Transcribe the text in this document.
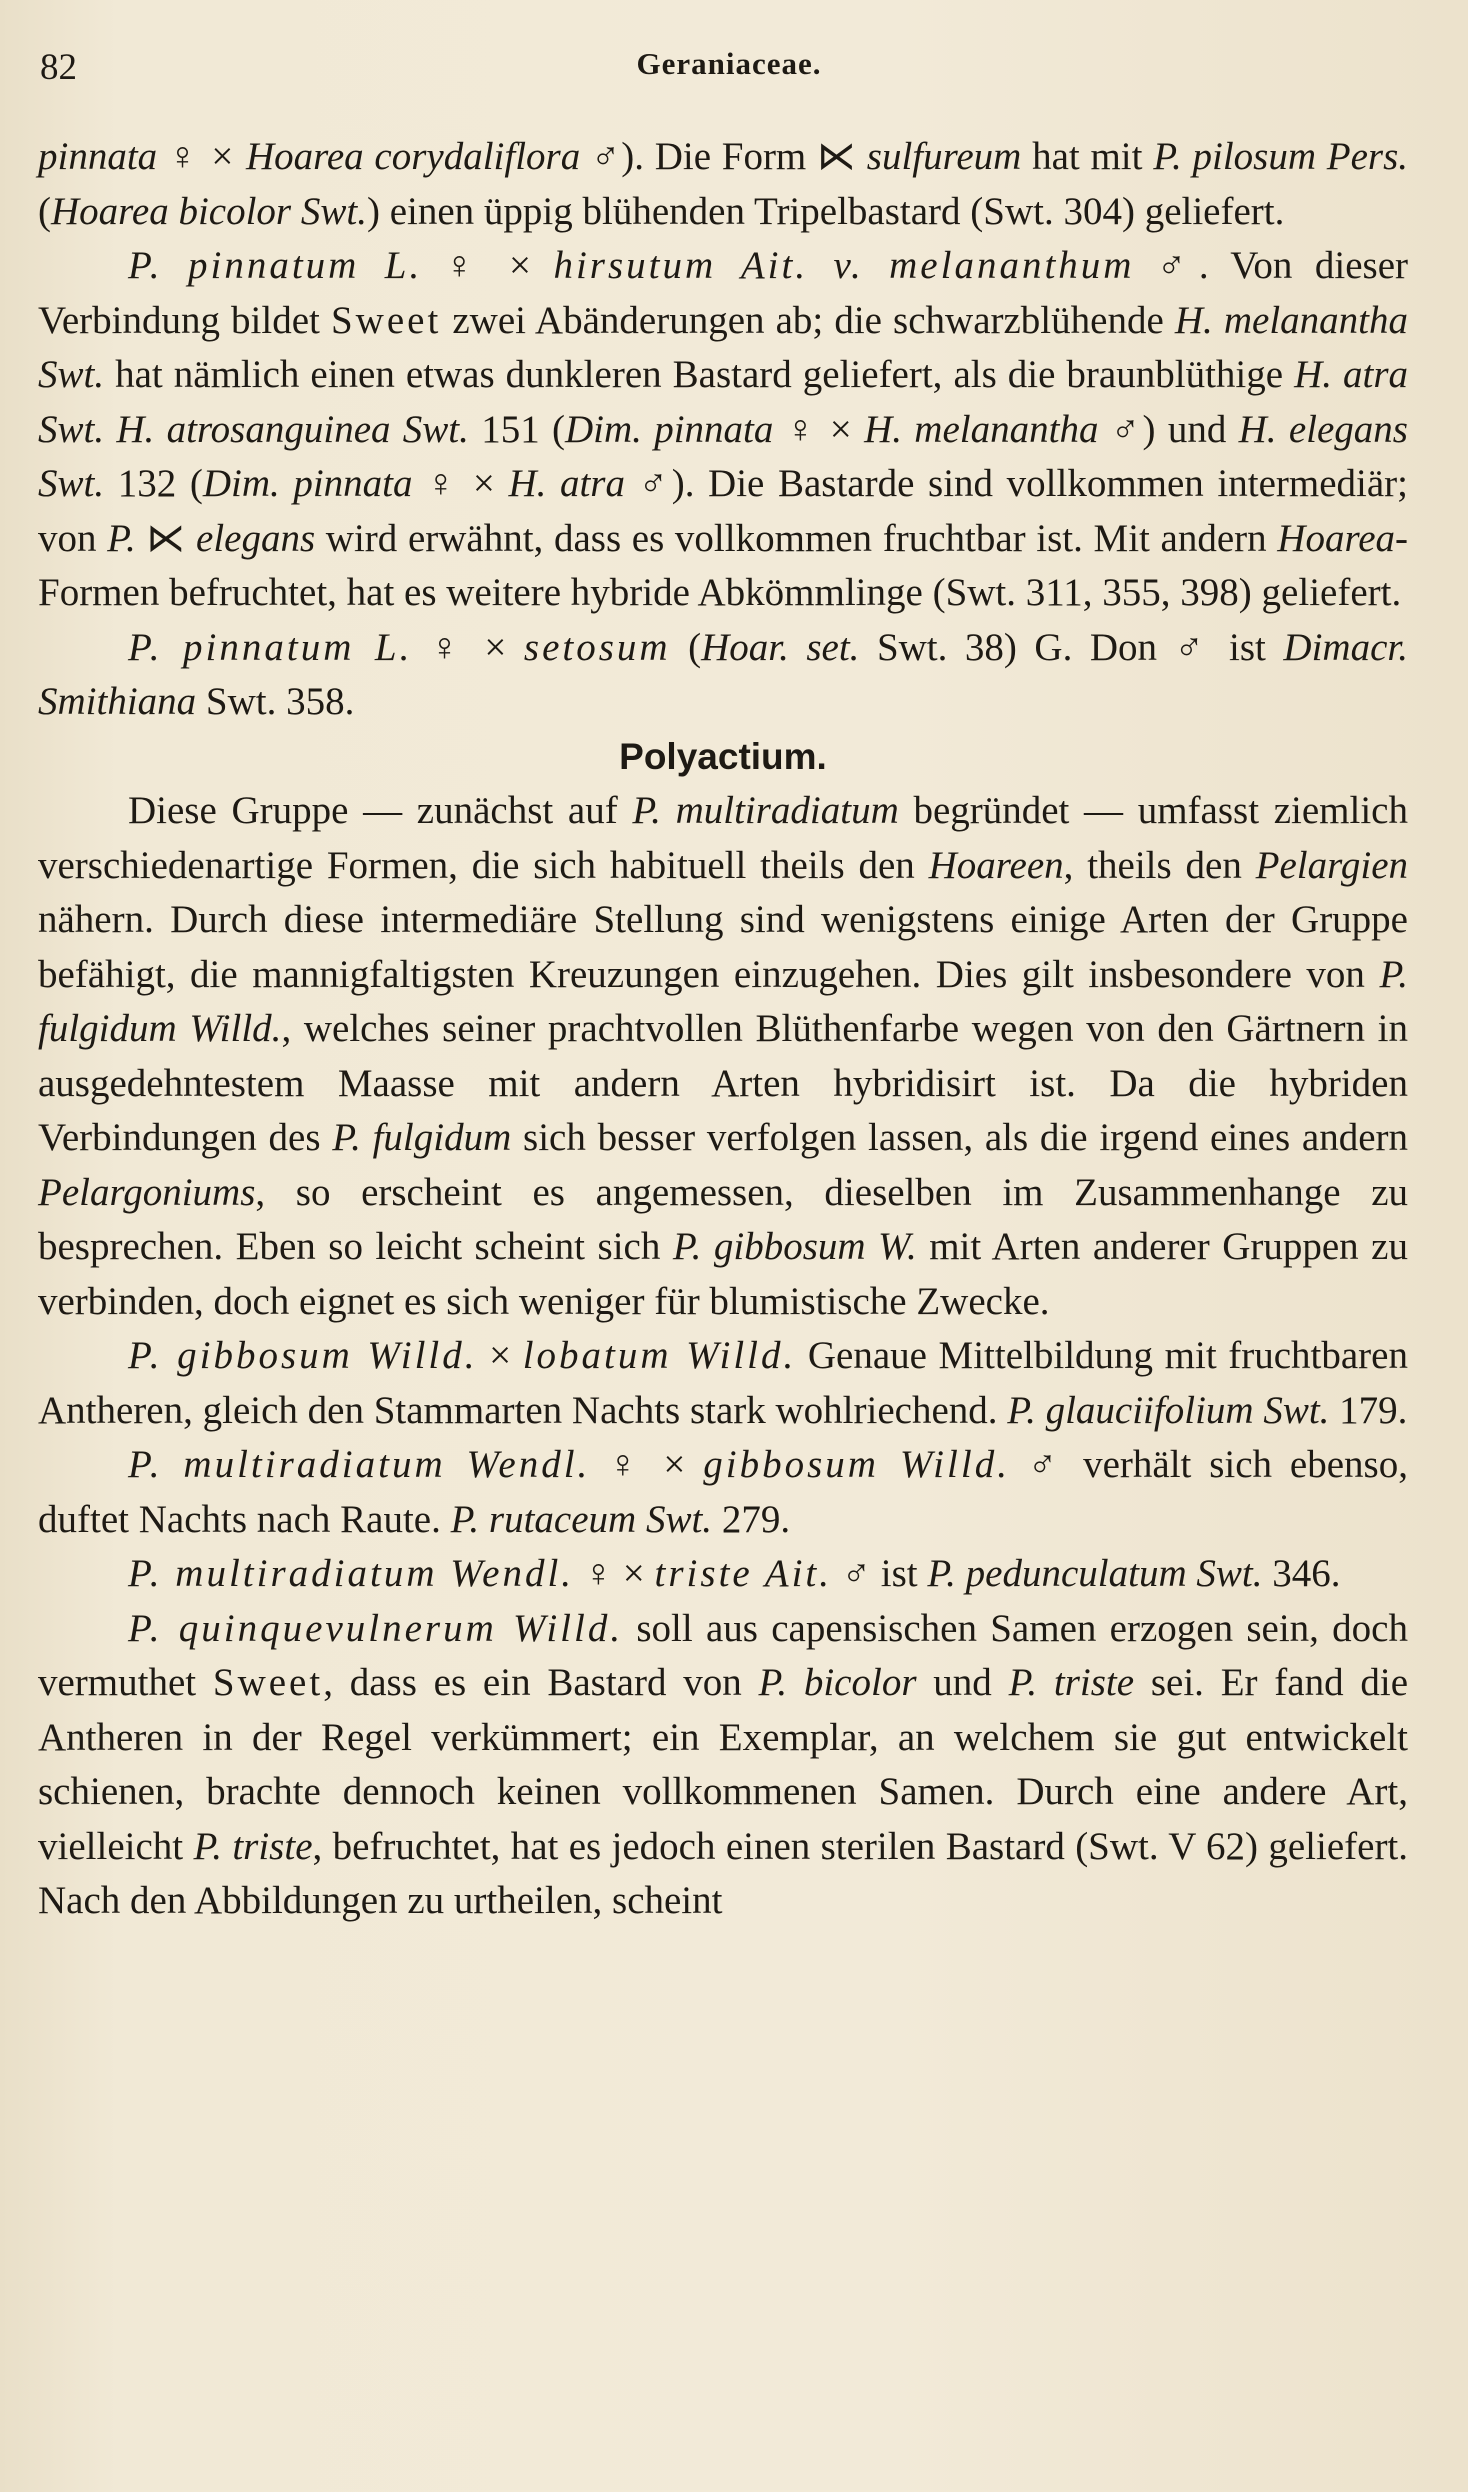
82	Geraniaceae.

pinnata ♀ × Hoarea corydaliflora ♂). Die Form ⋉ sulfureum hat mit P. pilosum Pers. (Hoarea bicolor Swt.) einen üppig blühenden Tripelbastard (Swt. 304) geliefert.

P. pinnatum L. ♀ × hirsutum Ait. v. melananthum ♂. Von dieser Verbindung bildet Sweet zwei Abänderungen ab; die schwarzblühende H. melanantha Swt. hat nämlich einen etwas dunkleren Bastard geliefert, als die braunblüthige H. atra Swt. H. atrosanguinea Swt. 151 (Dim. pinnata ♀ × H. melanantha ♂) und H. elegans Swt. 132 (Dim. pinnata ♀ × H. atra ♂). Die Bastarde sind vollkommen intermediär; von P. ⋉ elegans wird erwähnt, dass es vollkommen fruchtbar ist. Mit andern Hoarea-Formen befruchtet, hat es weitere hybride Abkömmlinge (Swt. 311, 355, 398) geliefert.

P. pinnatum L. ♀ × setosum (Hoar. set. Swt. 38) G. Don ♂ ist Dimacr. Smithiana Swt. 358.

Polyactium.

Diese Gruppe — zunächst auf P. multiradiatum begründet — umfasst ziemlich verschiedenartige Formen, die sich habituell theils den Hoareen, theils den Pelargien nähern. Durch diese intermediäre Stellung sind wenigstens einige Arten der Gruppe befähigt, die mannigfaltigsten Kreuzungen einzugehen. Dies gilt insbesondere von P. fulgidum Willd., welches seiner prachtvollen Blüthenfarbe wegen von den Gärtnern in ausgedehntestem Maasse mit andern Arten hybridisirt ist. Da die hybriden Verbindungen des P. fulgidum sich besser verfolgen lassen, als die irgend eines andern Pelargoniums, so erscheint es angemessen, dieselben im Zusammenhange zu besprechen. Eben so leicht scheint sich P. gibbosum W. mit Arten anderer Gruppen zu verbinden, doch eignet es sich weniger für blumistische Zwecke.

P. gibbosum Willd. × lobatum Willd. Genaue Mittelbildung mit fruchtbaren Antheren, gleich den Stammarten Nachts stark wohlriechend. P. glauciifolium Swt. 179.

P. multiradiatum Wendl. ♀ × gibbosum Willd. ♂ verhält sich ebenso, duftet Nachts nach Raute. P. rutaceum Swt. 279.

P. multiradiatum Wendl. ♀ × triste Ait. ♂ ist P. pedunculatum Swt. 346.

P. quinquevulnerum Willd. soll aus capensischen Samen erzogen sein, doch vermuthet Sweet, dass es ein Bastard von P. bicolor und P. triste sei. Er fand die Antheren in der Regel verkümmert; ein Exemplar, an welchem sie gut entwickelt schienen, brachte dennoch keinen vollkommenen Samen. Durch eine andere Art, vielleicht P. triste, befruchtet, hat es jedoch einen sterilen Bastard (Swt. V 62) geliefert. Nach den Abbildungen zu urtheilen, scheint
